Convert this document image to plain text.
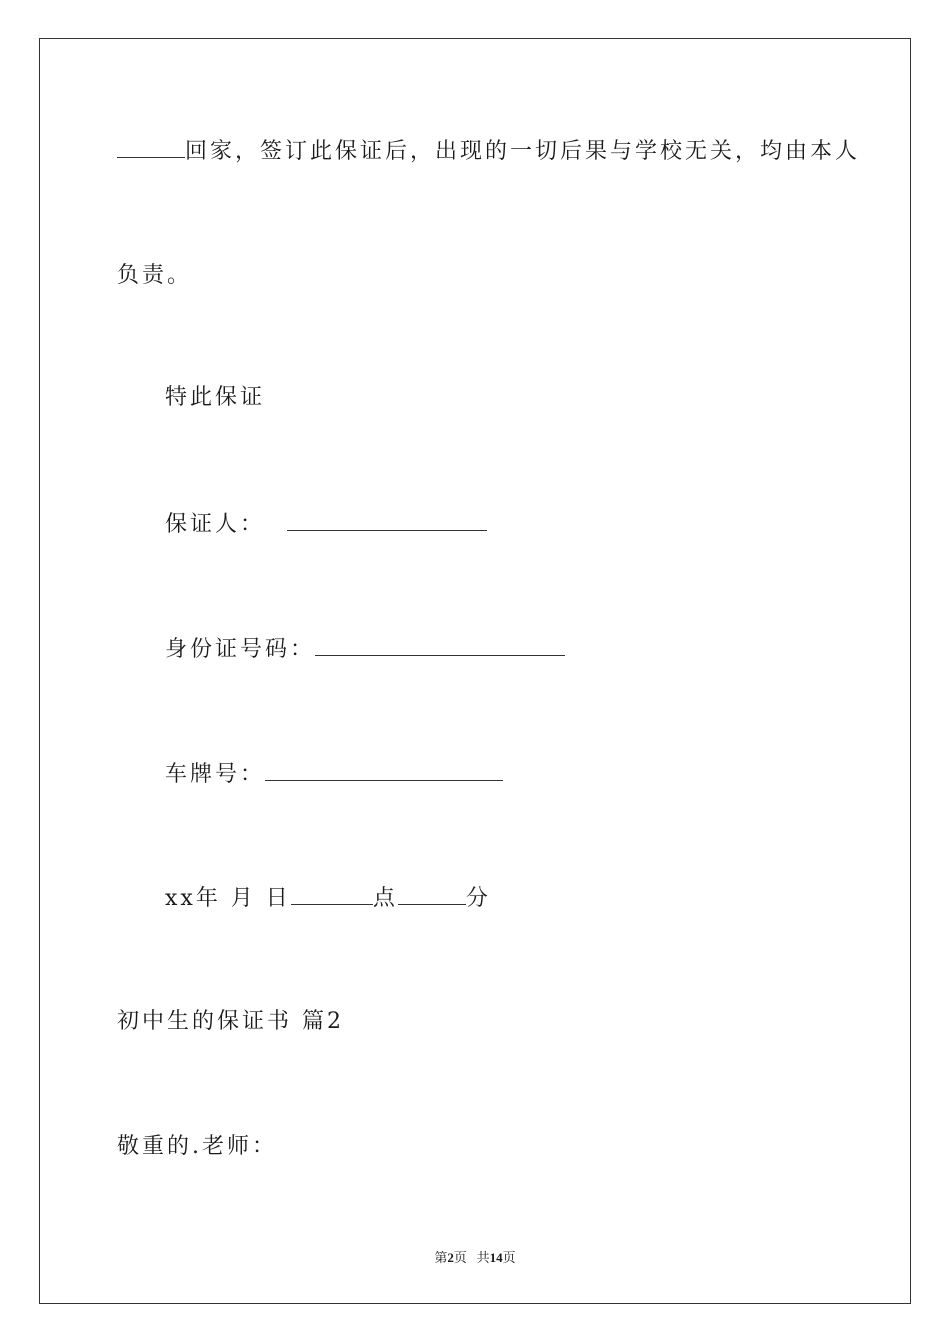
回家，签订此保证后，出现的一切后果与学校无关，均由本人
负责。
特此保证
保证人：
身份证号码：
车牌号：
xx年 月 日	点	分
初中生的保证书 篇2
敬重的.老师：
第2页 共14页
